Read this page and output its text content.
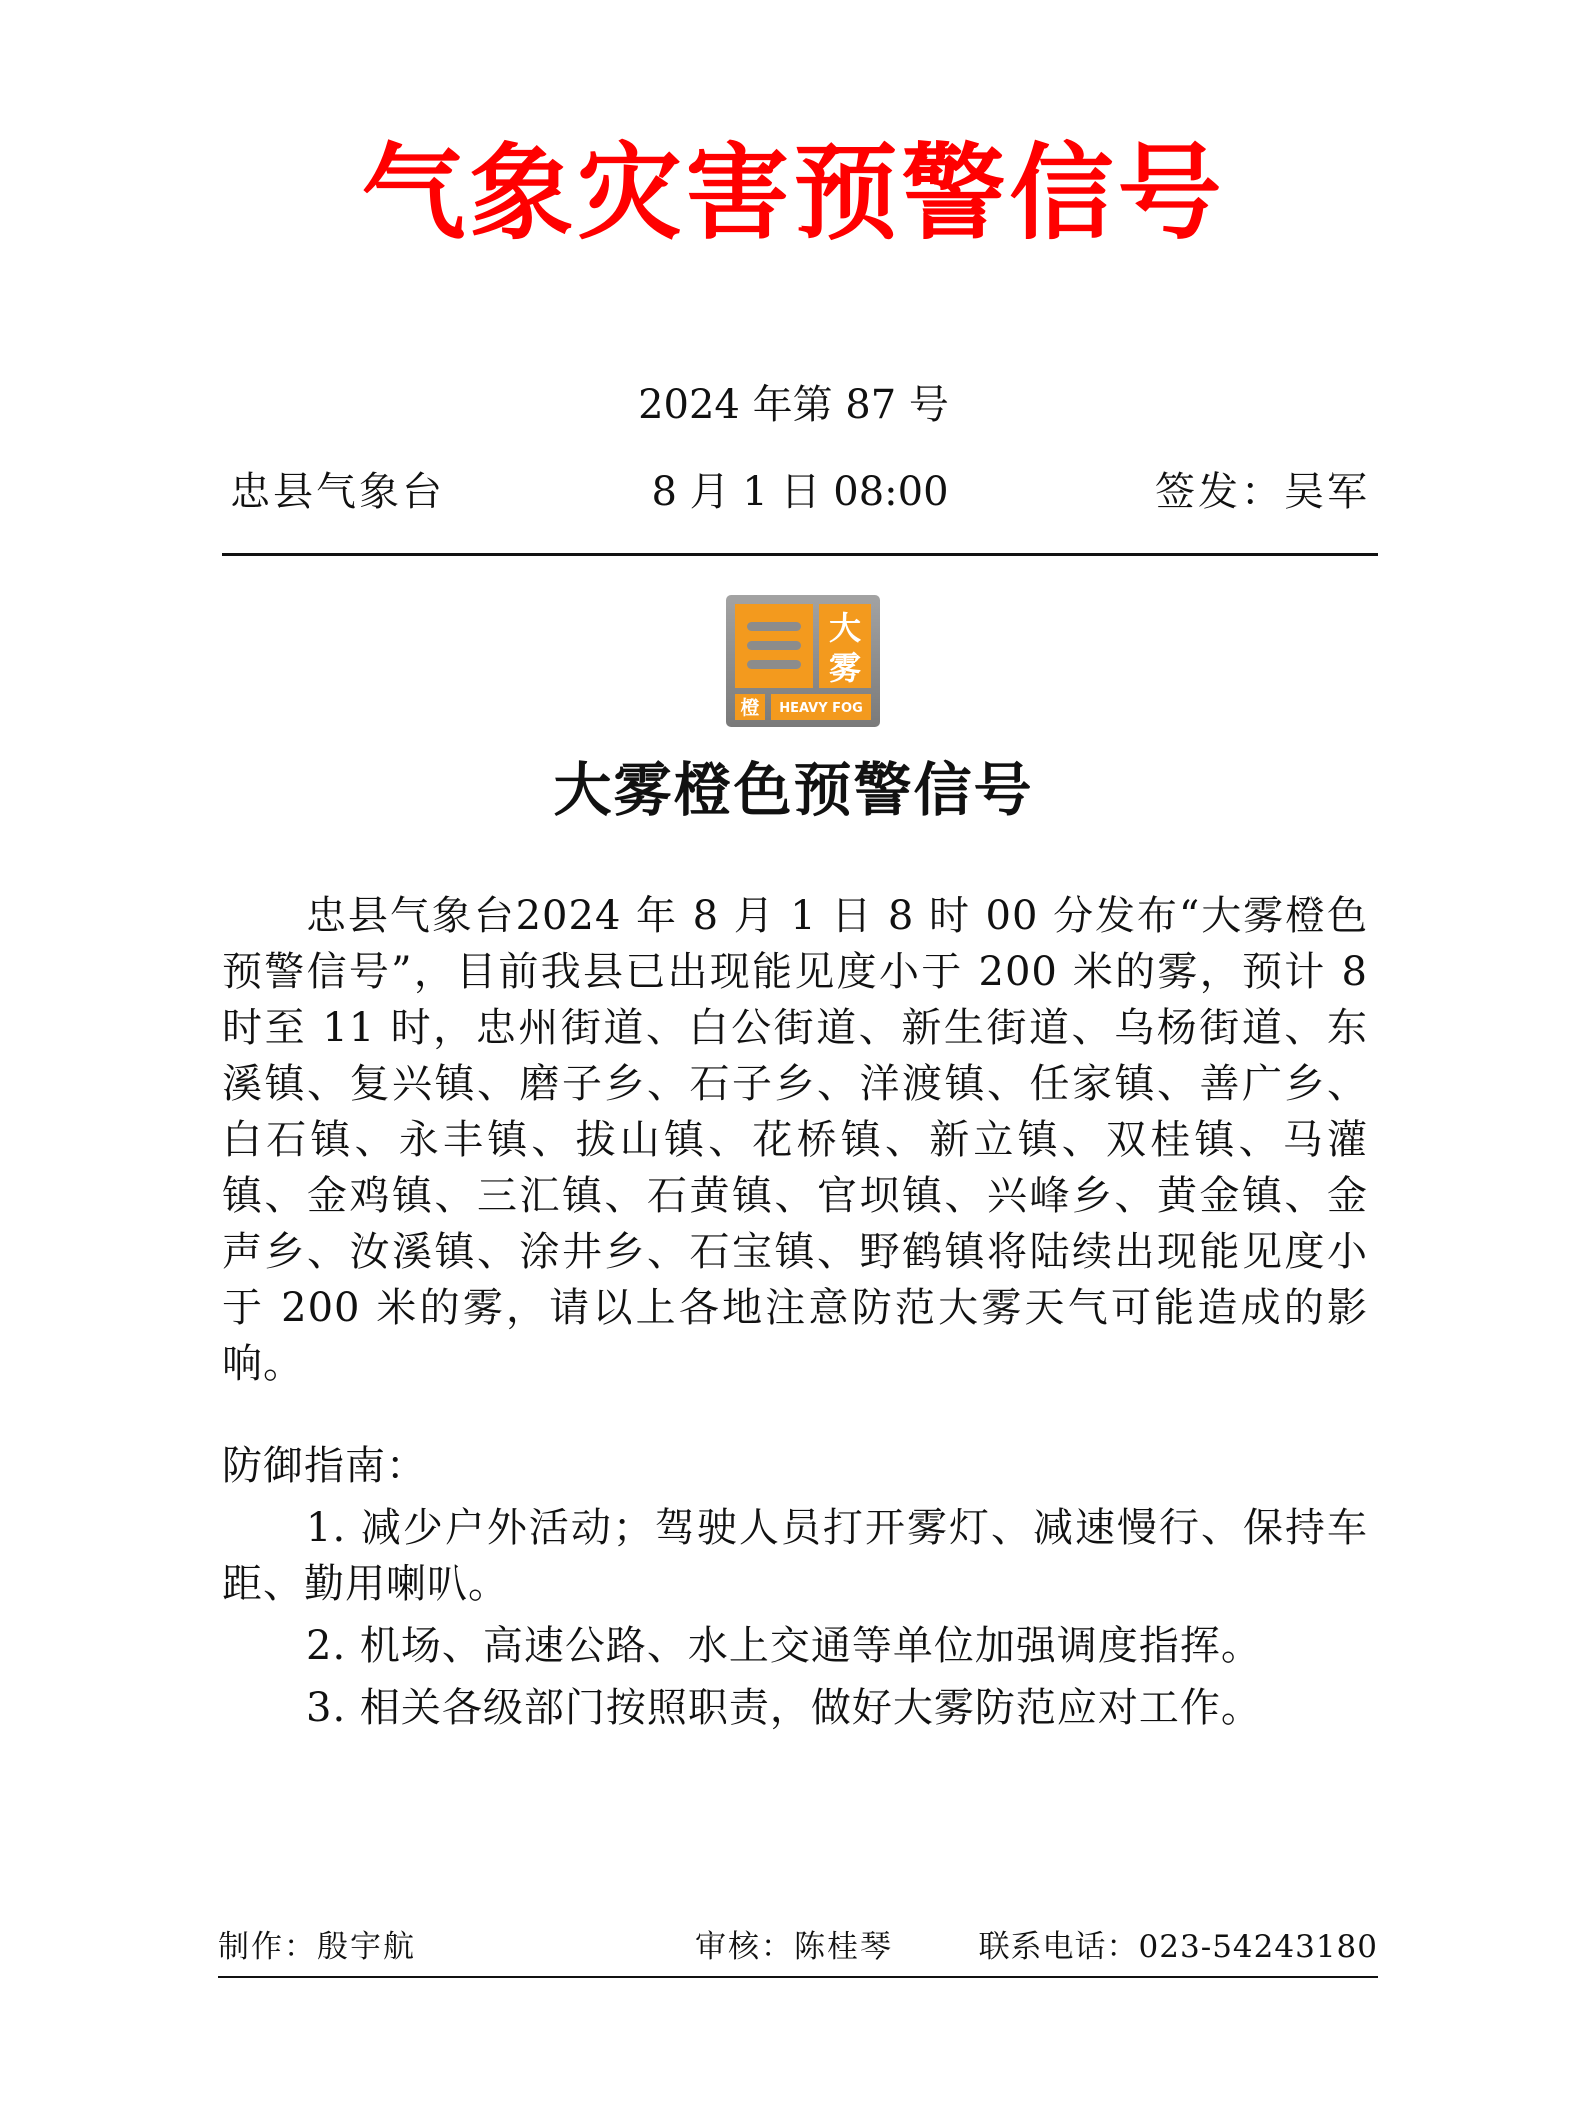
气象灾害预警信号
2024 年第 87 号
忠县气象台	8 月 1 日 08:00	签发：吴军
大
雾
橙 HEAVY FOG
大雾橙色预警信号

忠县气象台2024 年 8 月 1 日 8 时 00 分发布“大雾橙色预警信号”，目前我县已出现能见度小于 200 米的雾，预计 8 时至 11 时，忠州街道、白公街道、新生街道、乌杨街道、东溪镇、复兴镇、磨子乡、石子乡、洋渡镇、任家镇、善广乡、白石镇、永丰镇、拔山镇、花桥镇、新立镇、双桂镇、马灌镇、金鸡镇、三汇镇、石黄镇、官坝镇、兴峰乡、黄金镇、金声乡、汝溪镇、涂井乡、石宝镇、野鹤镇将陆续出现能见度小于 200 米的雾，请以上各地注意防范大雾天气可能造成的影响。

防御指南：

1. 减少户外活动；驾驶人员打开雾灯、减速慢行、保持车距、勤用喇叭。

2. 机场、高速公路、水上交通等单位加强调度指挥。

3. 相关各级部门按照职责，做好大雾防范应对工作。

制作：殷宇航	审核：陈桂琴	联系电话：023-54243180
